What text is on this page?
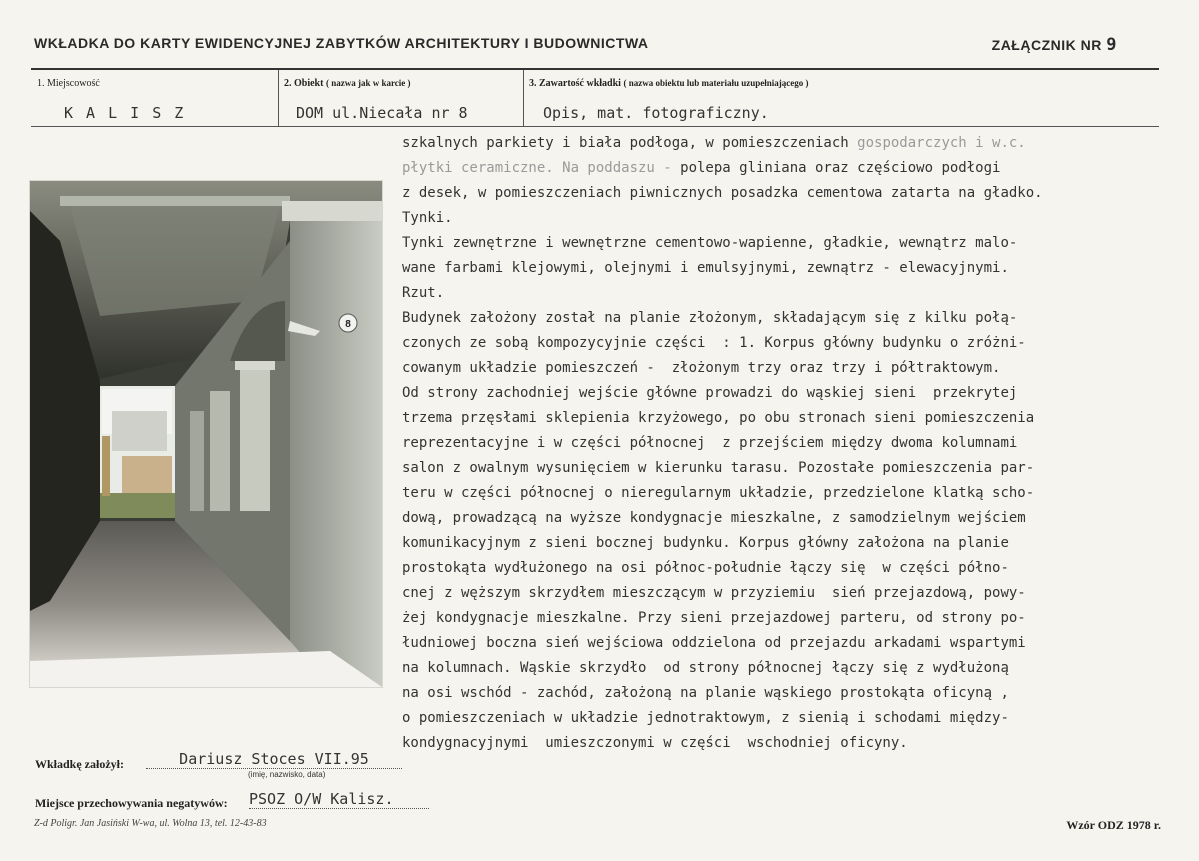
WKŁADKA DO KARTY EWIDENCYJNEJ ZABYTKÓW ARCHITEKTURY I BUDOWNICTWA	ZAŁĄCZNIK NR 9
1. Miejscowość	2. Obiekt ( nazwa jak w karcie )	3. Zawartość wkładki ( nazwa obiektu lub materiału uzupełniającego )
K A L I S Z	DOM ul.Niecała nr 8	Opis, mat. fotograficzny.
8
szkalnych parkiety i biała podłoga, w pomieszczeniach gospodarczych i w.c.
płytki ceramiczne. Na poddaszu - polepa gliniana oraz częściowo podłogi
z desek, w pomieszczeniach piwnicznych posadzka cementowa zatarta na gładko.
Tynki.
Tynki zewnętrzne i wewnętrzne cementowo-wapienne, gładkie, wewnątrz malo-
wane farbami klejowymi, olejnymi i emulsyjnymi, zewnątrz - elewacyjnymi.
Rzut.
Budynek założony został na planie złożonym, składającym się z kilku połą-
czonych ze sobą kompozycyjnie części  : 1. Korpus główny budynku o zróżni-
cowanym układzie pomieszczeń -  złożonym trzy oraz trzy i półtraktowym.
Od strony zachodniej wejście główne prowadzi do wąskiej sieni  przekrytej
trzema przęsłami sklepienia krzyżowego, po obu stronach sieni pomieszczenia
reprezentacyjne i w części północnej  z przejściem między dwoma kolumnami
salon z owalnym wysunięciem w kierunku tarasu. Pozostałe pomieszczenia par-
teru w części północnej o nieregularnym układzie, przedzielone klatką scho-
dową, prowadzącą na wyższe kondygnacje mieszkalne, z samodzielnym wejściem
komunikacyjnym z sieni bocznej budynku. Korpus główny założona na planie
prostokąta wydłużonego na osi północ-południe łączy się  w części półno-
cnej z węższym skrzydłem mieszczącym w przyziemiu  sień przejazdową, powy-
żej kondygnacje mieszkalne. Przy sieni przejazdowej parteru, od strony po-
łudniowej boczna sień wejściowa oddzielona od przejazdu arkadami wspartymi
na kolumnach. Wąskie skrzydło  od strony północnej łączy się z wydłużoną
na osi wschód - zachód, założoną na planie wąskiego prostokąta oficyną ,
o pomieszczeniach w układzie jednotraktowym, z sienią i schodami między-
kondygnacyjnymi  umieszczonymi w części  wschodniej oficyny.
Wkładkę założył:	Dariusz Stoces VII.95
(imię, nazwisko, data)
Miejsce przechowywania negatywów: PSOZ O/W Kalisz.
Z-d Poligr. Jan Jasiński W-wa, ul. Wolna 13, tel. 12-43-83	Wzór ODZ 1978 r.
